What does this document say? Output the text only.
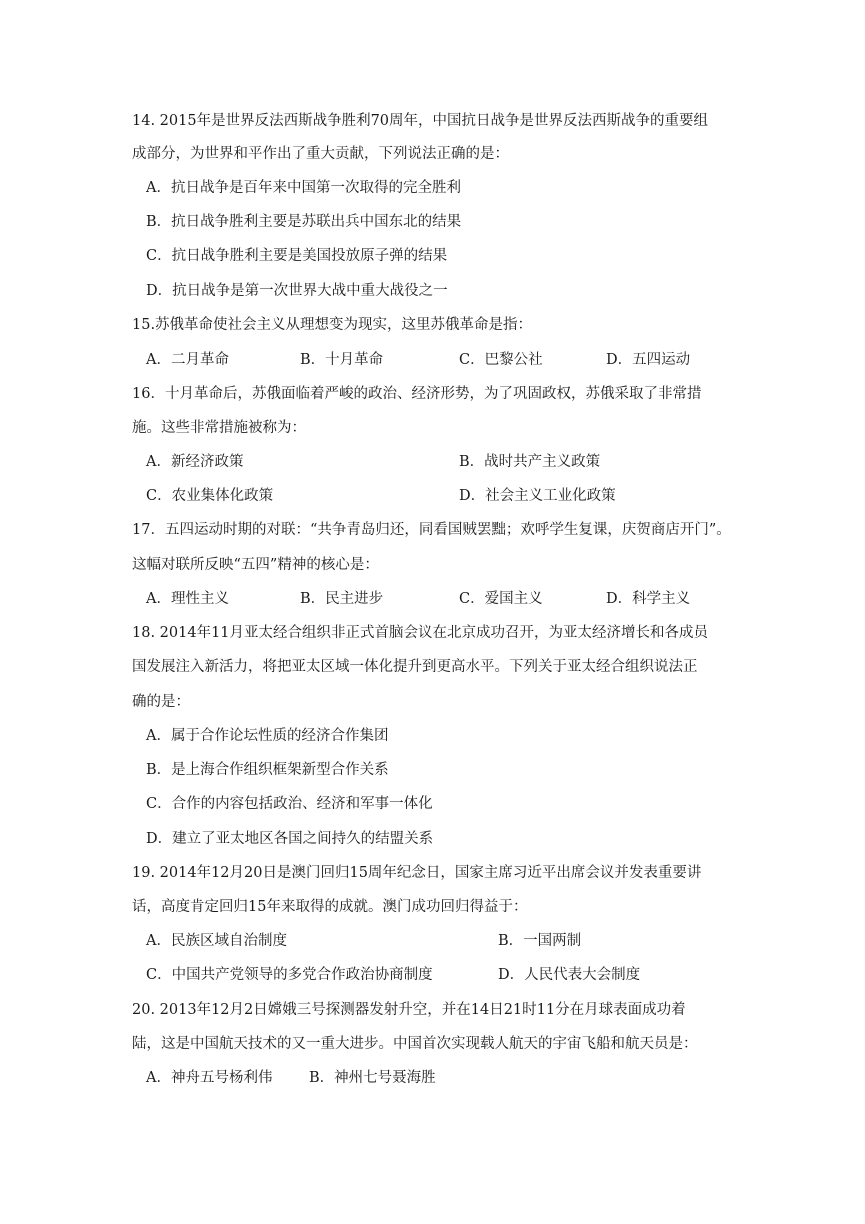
14. 2015年是世界反法西斯战争胜利70周年，中国抗日战争是世界反法西斯战争的重要组
成部分，为世界和平作出了重大贡献，下列说法正确的是：
A．抗日战争是百年来中国第一次取得的完全胜利
B．抗日战争胜利主要是苏联出兵中国东北的结果
C．抗日战争胜利主要是美国投放原子弹的结果
D．抗日战争是第一次世界大战中重大战役之一
15.苏俄革命使社会主义从理想变为现实，这里苏俄革命是指：
A．二月革命	B．十月革命	C．巴黎公社	D．五四运动
16．十月革命后，苏俄面临着严峻的政治、经济形势，为了巩固政权，苏俄采取了非常措
施。这些非常措施被称为：
A．新经济政策	B．战时共产主义政策
C．农业集体化政策	D．社会主义工业化政策
17．五四运动时期的对联：“共争青岛归还，同看国贼罢黜；欢呼学生复课，庆贺商店开门”。
这幅对联所反映“五四”精神的核心是：
A．理性主义	B．民主进步	C．爱国主义	D．科学主义
18. 2014年11月亚太经合组织非正式首脑会议在北京成功召开，为亚太经济增长和各成员
国发展注入新活力，将把亚太区域一体化提升到更高水平。下列关于亚太经合组织说法正
确的是：
A．属于合作论坛性质的经济合作集团
B．是上海合作组织框架新型合作关系
C．合作的内容包括政治、经济和军事一体化
D．建立了亚太地区各国之间持久的结盟关系
19. 2014年12月20日是澳门回归15周年纪念日，国家主席习近平出席会议并发表重要讲
话，高度肯定回归15年来取得的成就。澳门成功回归得益于：
A．民族区域自治制度	B．一国两制
C．中国共产党领导的多党合作政治协商制度	D．人民代表大会制度
20. 2013年12月2日嫦娥三号探测器发射升空，并在14日21时11分在月球表面成功着
陆，这是中国航天技术的又一重大进步。中国首次实现载人航天的宇宙飞船和航天员是：
A．神舟五号杨利伟	B．神州七号聂海胜
